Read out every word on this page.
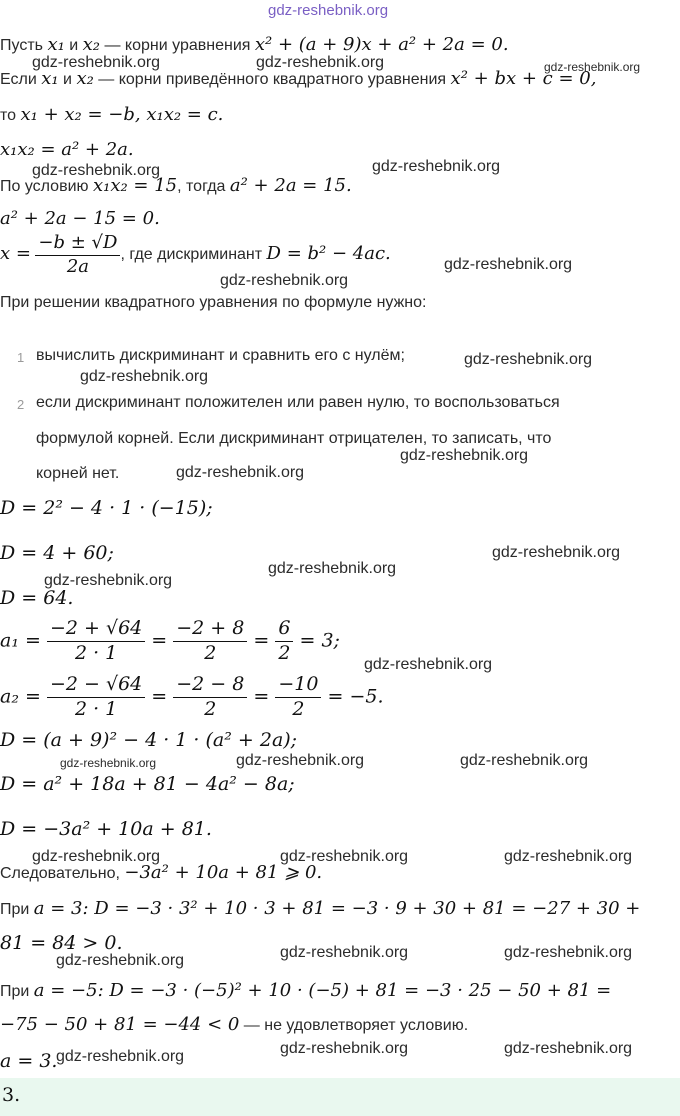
gdz-reshebnik.org
gdz-reshebnik.org	gdz-reshebnik.org	gdz-reshebnik.org
gdz-reshebnik.org	gdz-reshebnik.org
gdz-reshebnik.org
gdz-reshebnik.org
gdz-reshebnik.org
gdz-reshebnik.org
gdz-reshebnik.org
gdz-reshebnik.org
gdz-reshebnik.org
gdz-reshebnik.org
gdz-reshebnik.org
gdz-reshebnik.org
gdz-reshebnik.org	gdz-reshebnik.org	gdz-reshebnik.org
gdz-reshebnik.org	gdz-reshebnik.org	gdz-reshebnik.org
gdz-reshebnik.org	gdz-reshebnik.org
gdz-reshebnik.org
gdz-reshebnik.org	gdz-reshebnik.org	gdz-reshebnik.org
Пусть x₁ и x₂ — корни уравнения x² + (a + 9)x + a² + 2a = 0.
Если x₁ и x₂ — корни приведённого квадратного уравнения x² + bx + c = 0,
то x₁ + x₂ = −b, x₁x₂ = c.
x₁x₂ = a² + 2a.
По условию x₁x₂ = 15, тогда a² + 2a = 15.
a² + 2a − 15 = 0.
$x = \frac{-b \pm √D}{2a}$ , где дискриминант D = b² − 4ac.
При решении квадратного уравнения по формуле нужно:
1 вычислить дискриминант и сравнить его с нулём;
2 если дискриминант положителен или равен нулю, то воспользоваться
формулой корней. Если дискриминант отрицателен, то записать, что
корней нет.
D = 2² − 4 · 1 · (−15);
D = 4 + 60;
D = 64.
$a_1 = \frac{-2 + √64}{2 \cdot 1} = \frac{-2 + 8}{2} = \frac{6}{2} = 3$;
$a_2 = \frac{-2 - √64}{2 \cdot 1} = \frac{-2 - 8}{2} = \frac{-10}{2} = -5$.
D = (a + 9)² − 4 · 1 · (a² + 2a);
D = a² + 18a + 81 − 4a² − 8a;
D = −3a² + 10a + 81.
Следовательно, −3a² + 10a + 81 ⩾ 0.
При a = 3: D = −3 · 3² + 10 · 3 + 81 = −3 · 9 + 30 + 81 = −27 + 30 +
81 = 84 > 0.
При a = −5: D = −3 · (−5)² + 10 · (−5) + 81 = −3 · 25 − 50 + 81 =
−75 − 50 + 81 = −44 < 0 — не удовлетворяет условию.
a = 3.
3.
